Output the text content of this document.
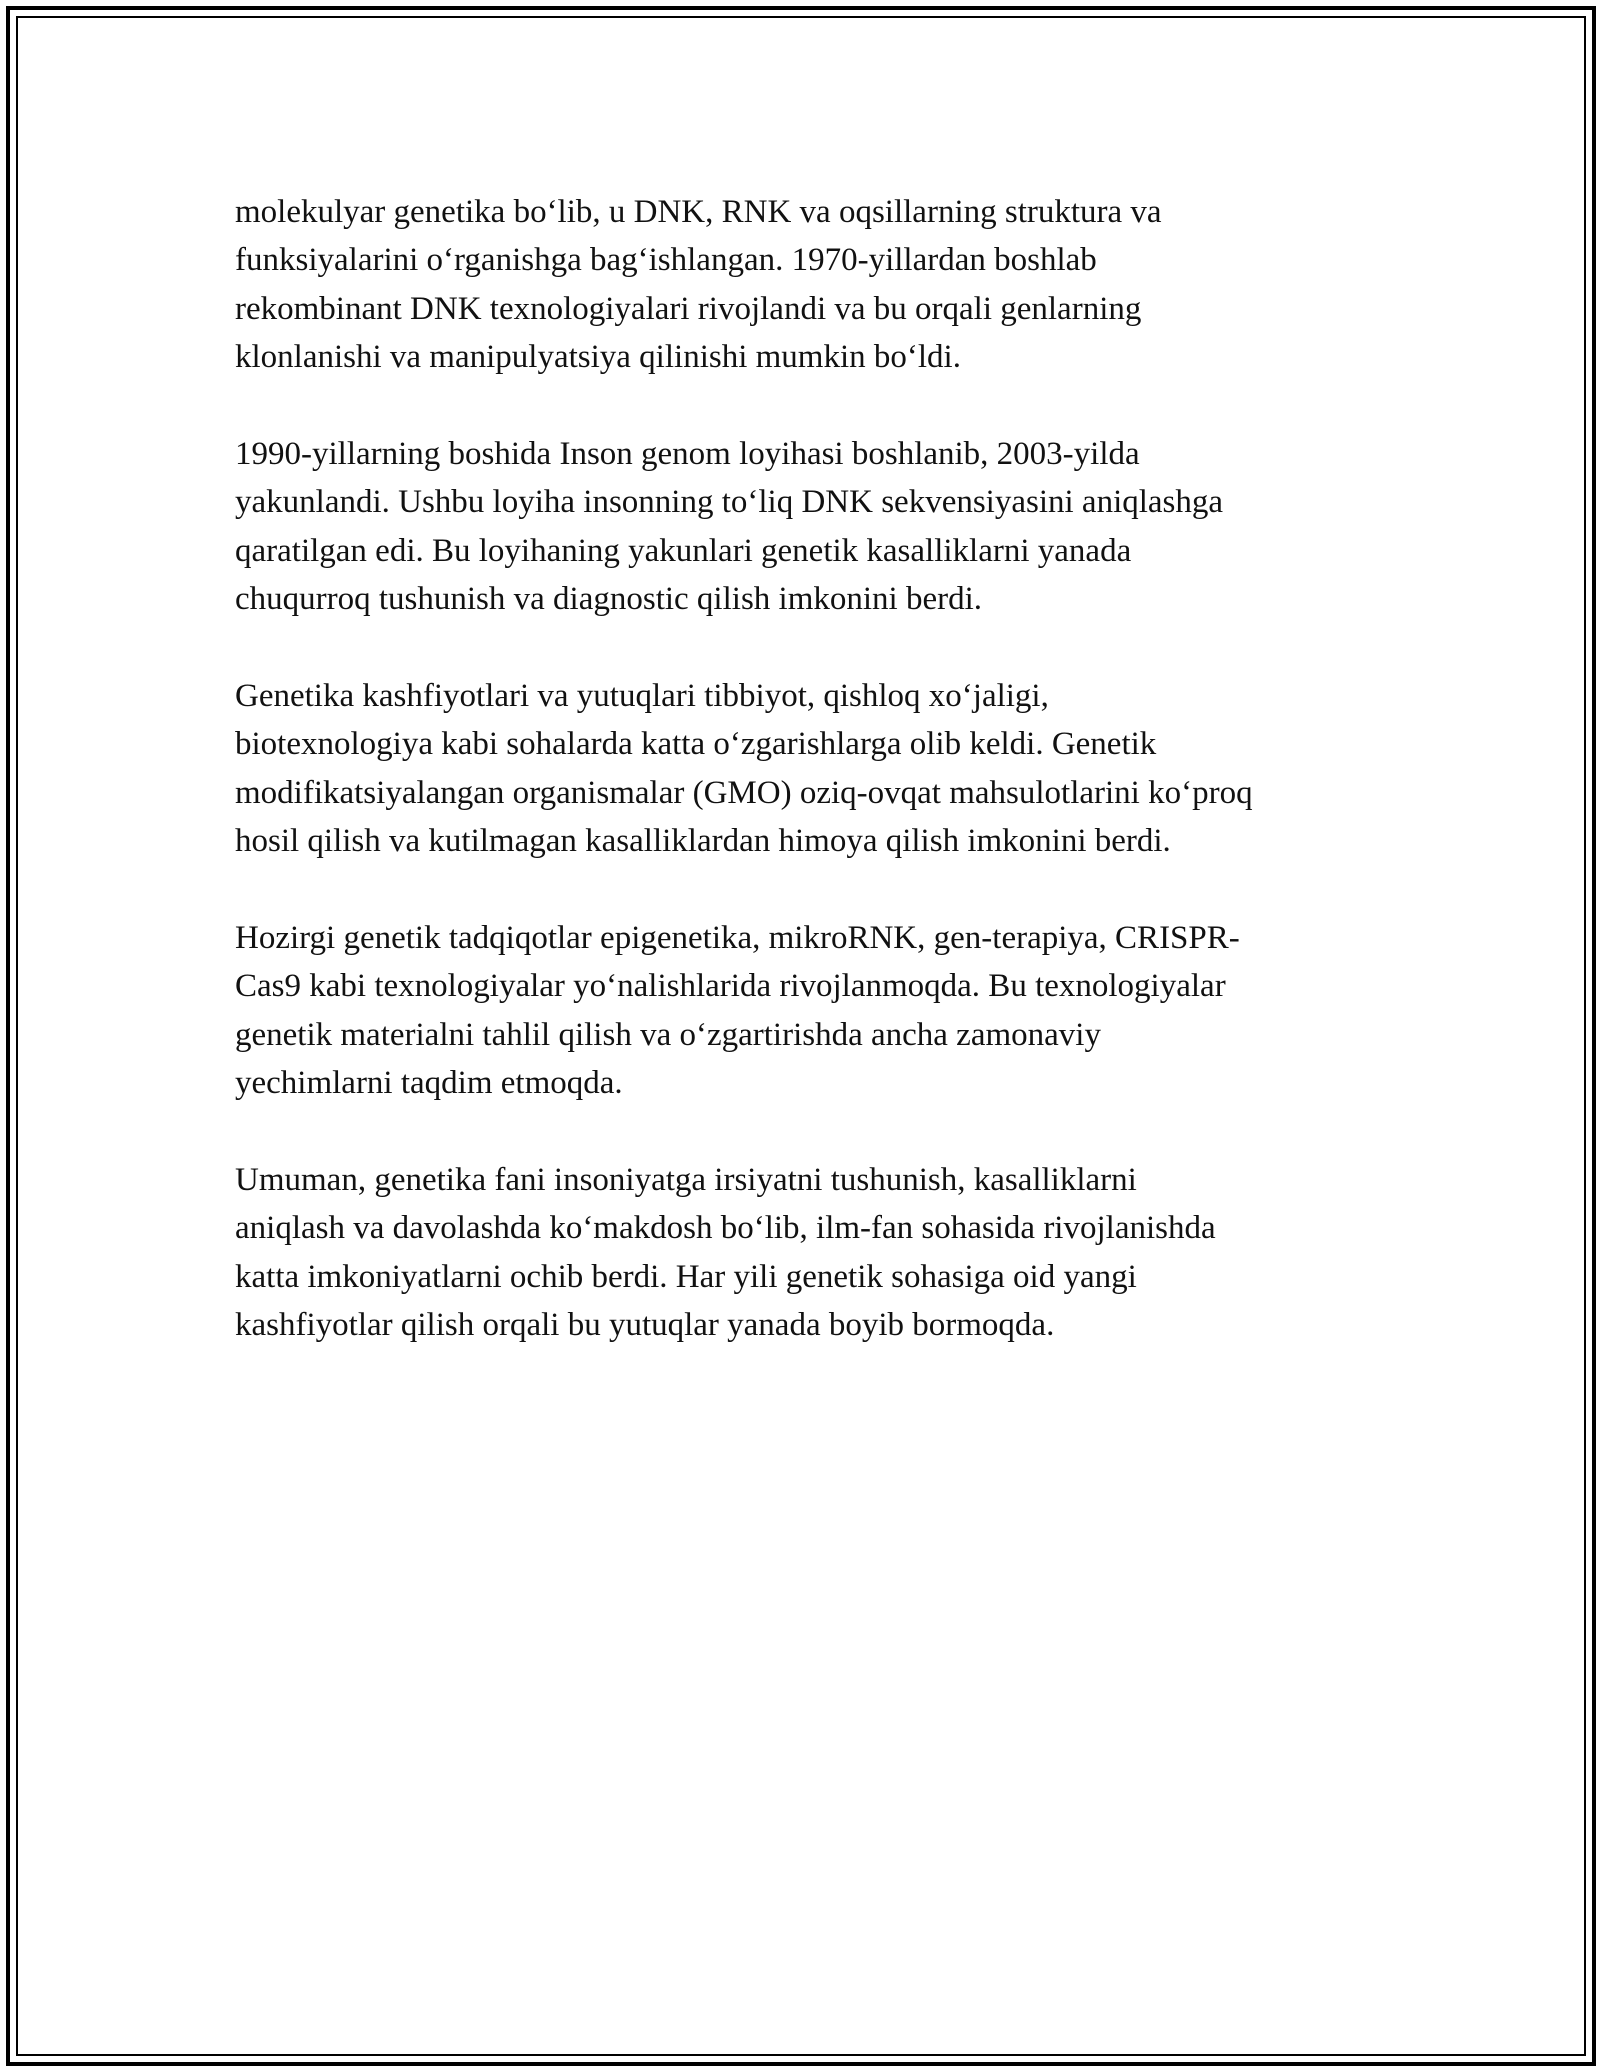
molekulyar genetika bo‘lib, u DNK, RNK va oqsillarning struktura va
funksiyalarini o‘rganishga bag‘ishlangan. 1970-yillardan boshlab
rekombinant DNK texnologiyalari rivojlandi va bu orqali genlarning
klonlanishi va manipulyatsiya qilinishi mumkin bo‘ldi.

1990-yillarning boshida Inson genom loyihasi boshlanib, 2003-yilda
yakunlandi. Ushbu loyiha insonning to‘liq DNK sekvensiyasini aniqlashga
qaratilgan edi. Bu loyihaning yakunlari genetik kasalliklarni yanada
chuqurroq tushunish va diagnostic qilish imkonini berdi.

Genetika kashfiyotlari va yutuqlari tibbiyot, qishloq xo‘jaligi,
biotexnologiya kabi sohalarda katta o‘zgarishlarga olib keldi. Genetik
modifikatsiyalangan organismalar (GMO) oziq-ovqat mahsulotlarini ko‘proq
hosil qilish va kutilmagan kasalliklardan himoya qilish imkonini berdi.

Hozirgi genetik tadqiqotlar epigenetika, mikroRNK, gen-terapiya, CRISPR-
Cas9 kabi texnologiyalar yo‘nalishlarida rivojlanmoqda. Bu texnologiyalar
genetik materialni tahlil qilish va o‘zgartirishda ancha zamonaviy
yechimlarni taqdim etmoqda.

Umuman, genetika fani insoniyatga irsiyatni tushunish, kasalliklarni
aniqlash va davolashda ko‘makdosh bo‘lib, ilm-fan sohasida rivojlanishda
katta imkoniyatlarni ochib berdi. Har yili genetik sohasiga oid yangi
kashfiyotlar qilish orqali bu yutuqlar yanada boyib bormoqda.
